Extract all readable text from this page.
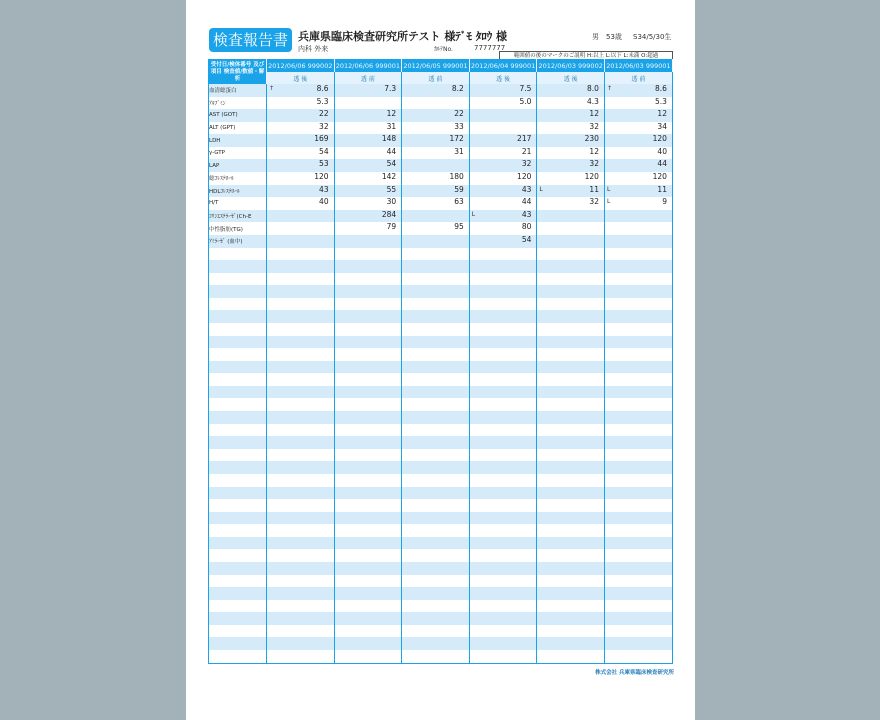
検査報告書 兵庫県臨床検査研究所テスト 様ﾃﾞﾓ ﾀﾛｳ 様
内科 外来	ｶﾙﾃNo.	7777777
男 53歳 S34/5/30生
範囲値の後のマークのご説明 H:以上 L:以下 L:未満 O:超過
受付日/検体番号 及び 項目 検査値/数値・解析	2012/06/06 999002	2012/06/06 999001	2012/06/05 999001	2012/06/04 999001	2012/06/03 999002	2012/06/03 999001
	透 後	透 前	透 前	透 後	透 後	透 前
血清総蛋白	↑ 8.6	7.3	8.2	7.5	8.0	↑ 8.6

ｱﾙﾌﾞﾐﾝ	5.3			5.0	4.3	5.3

AST (GOT)	22	12	22		12	12

ALT (GPT)	32	31	33		32	34

LDH	169	148	172	217	230	120

γ-GTP	54	44	31	21	12	40

LAP	53	54		32	32	44

総ｺﾚｽﾃﾛｰﾙ	120	142	180	120	120	120

HDLｺﾚｽﾃﾛｰﾙ	43	55	59	43	L 11	L 11

H/T	40	30	63	44	32	L 9

ｺﾘﾝｴｽﾃﾗｰｾﾞ(Ch-E		284		L 43		

中性脂肪(TG)		79	95	80		

ｱﾐﾗｰｾﾞ (血中)				54		

株式会社 兵庫県臨床検査研究所
